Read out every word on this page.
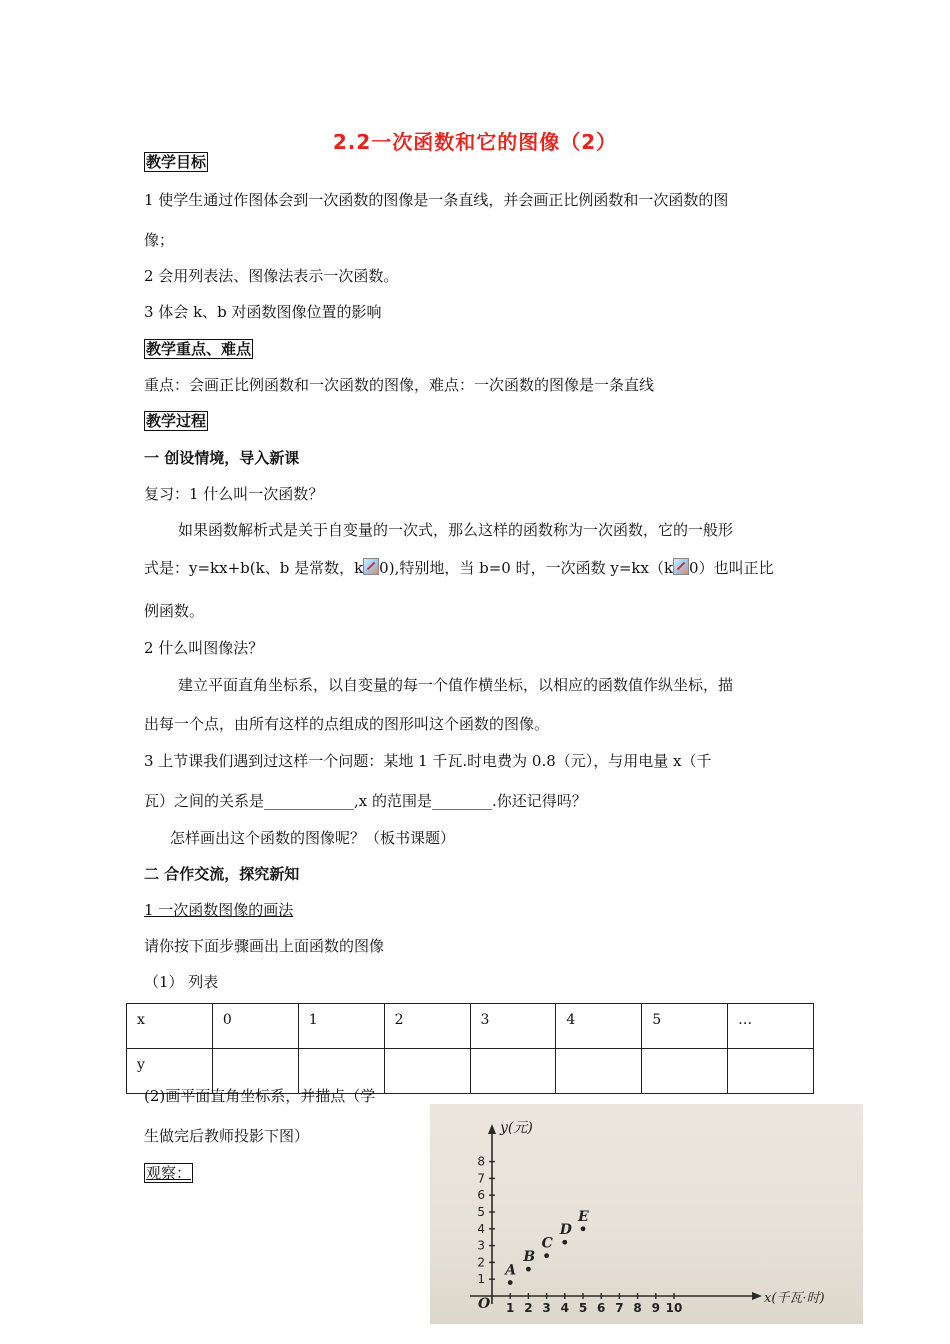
2.2一次函数和它的图像（2）
教学目标
1 使学生通过作图体会到一次函数的图像是一条直线，并会画正比例函数和一次函数的图
像；
2 会用列表法、图像法表示一次函数。
3 体会 k、b 对函数图像位置的影响
教学重点、难点
重点：会画正比例函数和一次函数的图像，难点：一次函数的图像是一条直线
教学过程
一 创设情境，导入新课
复习：1 什么叫一次函数？
如果函数解析式是关于自变量的一次式，那么这样的函数称为一次函数，它的一般形
式是：y=kx+b(k、b 是常数，k 0),特别地，当 b=0 时，一次函数 y=kx（k 0）也叫正比
例函数。
2 什么叫图像法？
建立平面直角坐标系，以自变量的每一个值作横坐标，以相应的函数值作纵坐标，描
出每一个点，由所有这样的点组成的图形叫这个函数的图像。
3 上节课我们遇到过这样一个问题：某地 1 千瓦.时电费为 0.8（元），与用电量 x（千
瓦）之间的关系是____________,x 的范围是________.你还记得吗？
怎样画出这个函数的图像呢？（板书课题）
二 合作交流，探究新知
1 一次函数图像的画法
请你按下面步骤画出上面函数的图像
（1） 列表
x	0	1	2	3	4	5	…
y							
(2)画平面直角坐标系，并描点（学
生做完后教师投影下图）
观察：
1 2 3 4 5 6 7 8 9 10
1
2
3
4
5
6
7
8
y(元)
x(千瓦·时)
O
A
B
C
D
E
